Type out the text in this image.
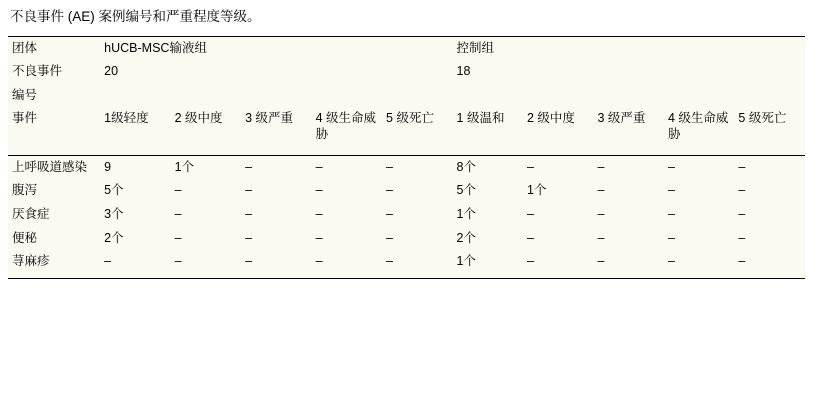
不良事件 (AE) 案例编号和严重程度等级。
团体	hUCB-MSC输液组					控制组				
不良事件	20					18				
编号										
事件	1级轻度	2 级中度	3 级严重	4 级生命威胁	5 级死亡	1 级温和	2 级中度	3 级严重	4 级生命威胁	5 级死亡

上呼吸道感染	9	1个	–	–	–	8个	–	–	–	–
腹泻	5个	–	–	–	–	5个	1个	–	–	–
厌食症	3个	–	–	–	–	1个	–	–	–	–
便秘	2个	–	–	–	–	2个	–	–	–	–
荨麻疹	–	–	–	–	–	1个	–	–	–	–
